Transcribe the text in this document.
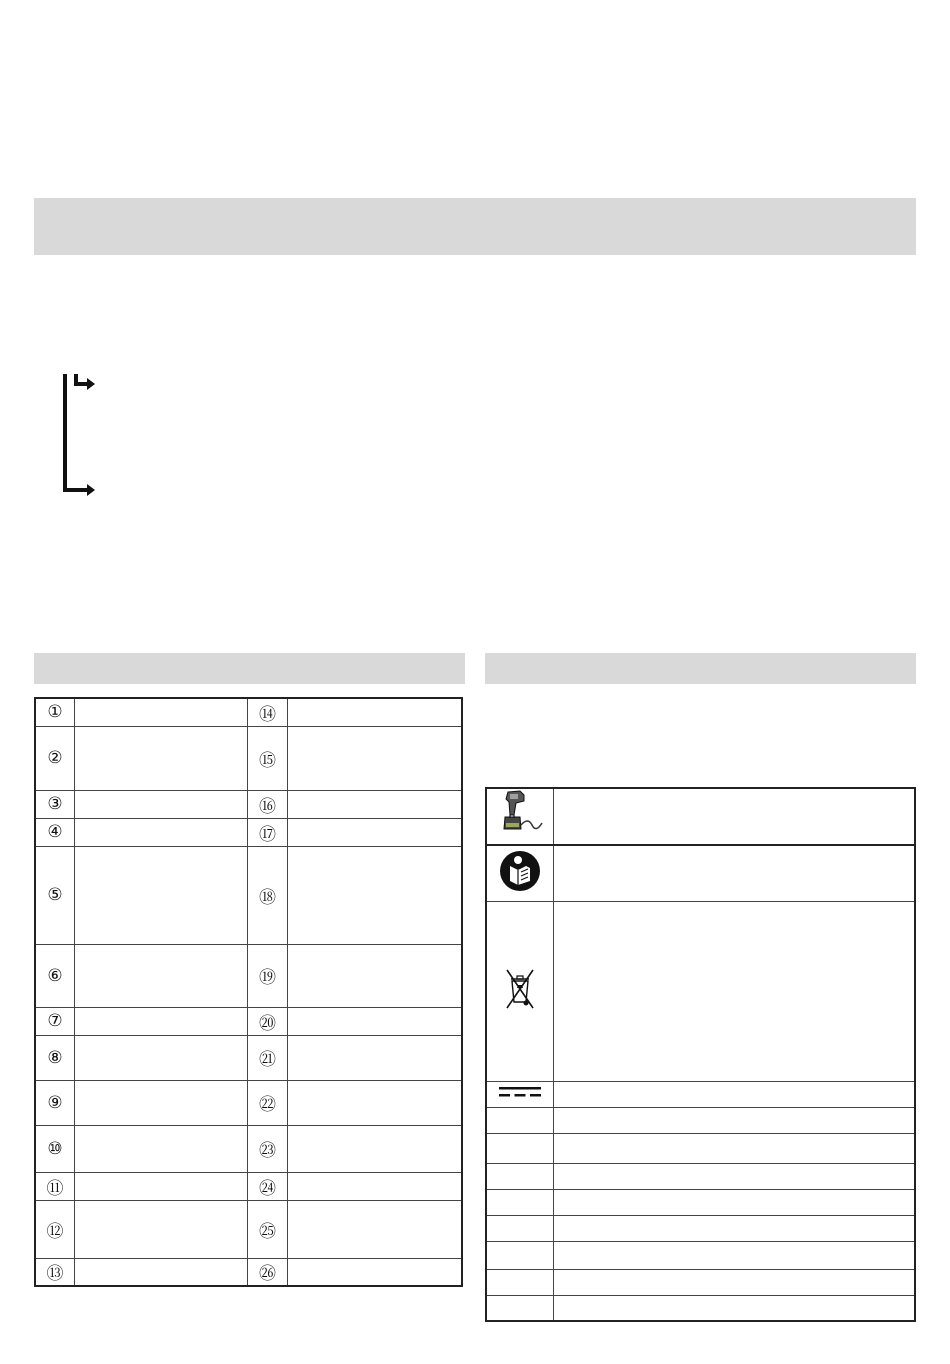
①		⑭	
②		⑮	
③		⑯	
④		⑰	
⑤		⑱	
⑥		⑲	
⑦		⑳	
⑧		㉑	
⑨		㉒	
⑩		㉓	
⑪		㉔	
⑫		㉕	
⑬		㉖	
